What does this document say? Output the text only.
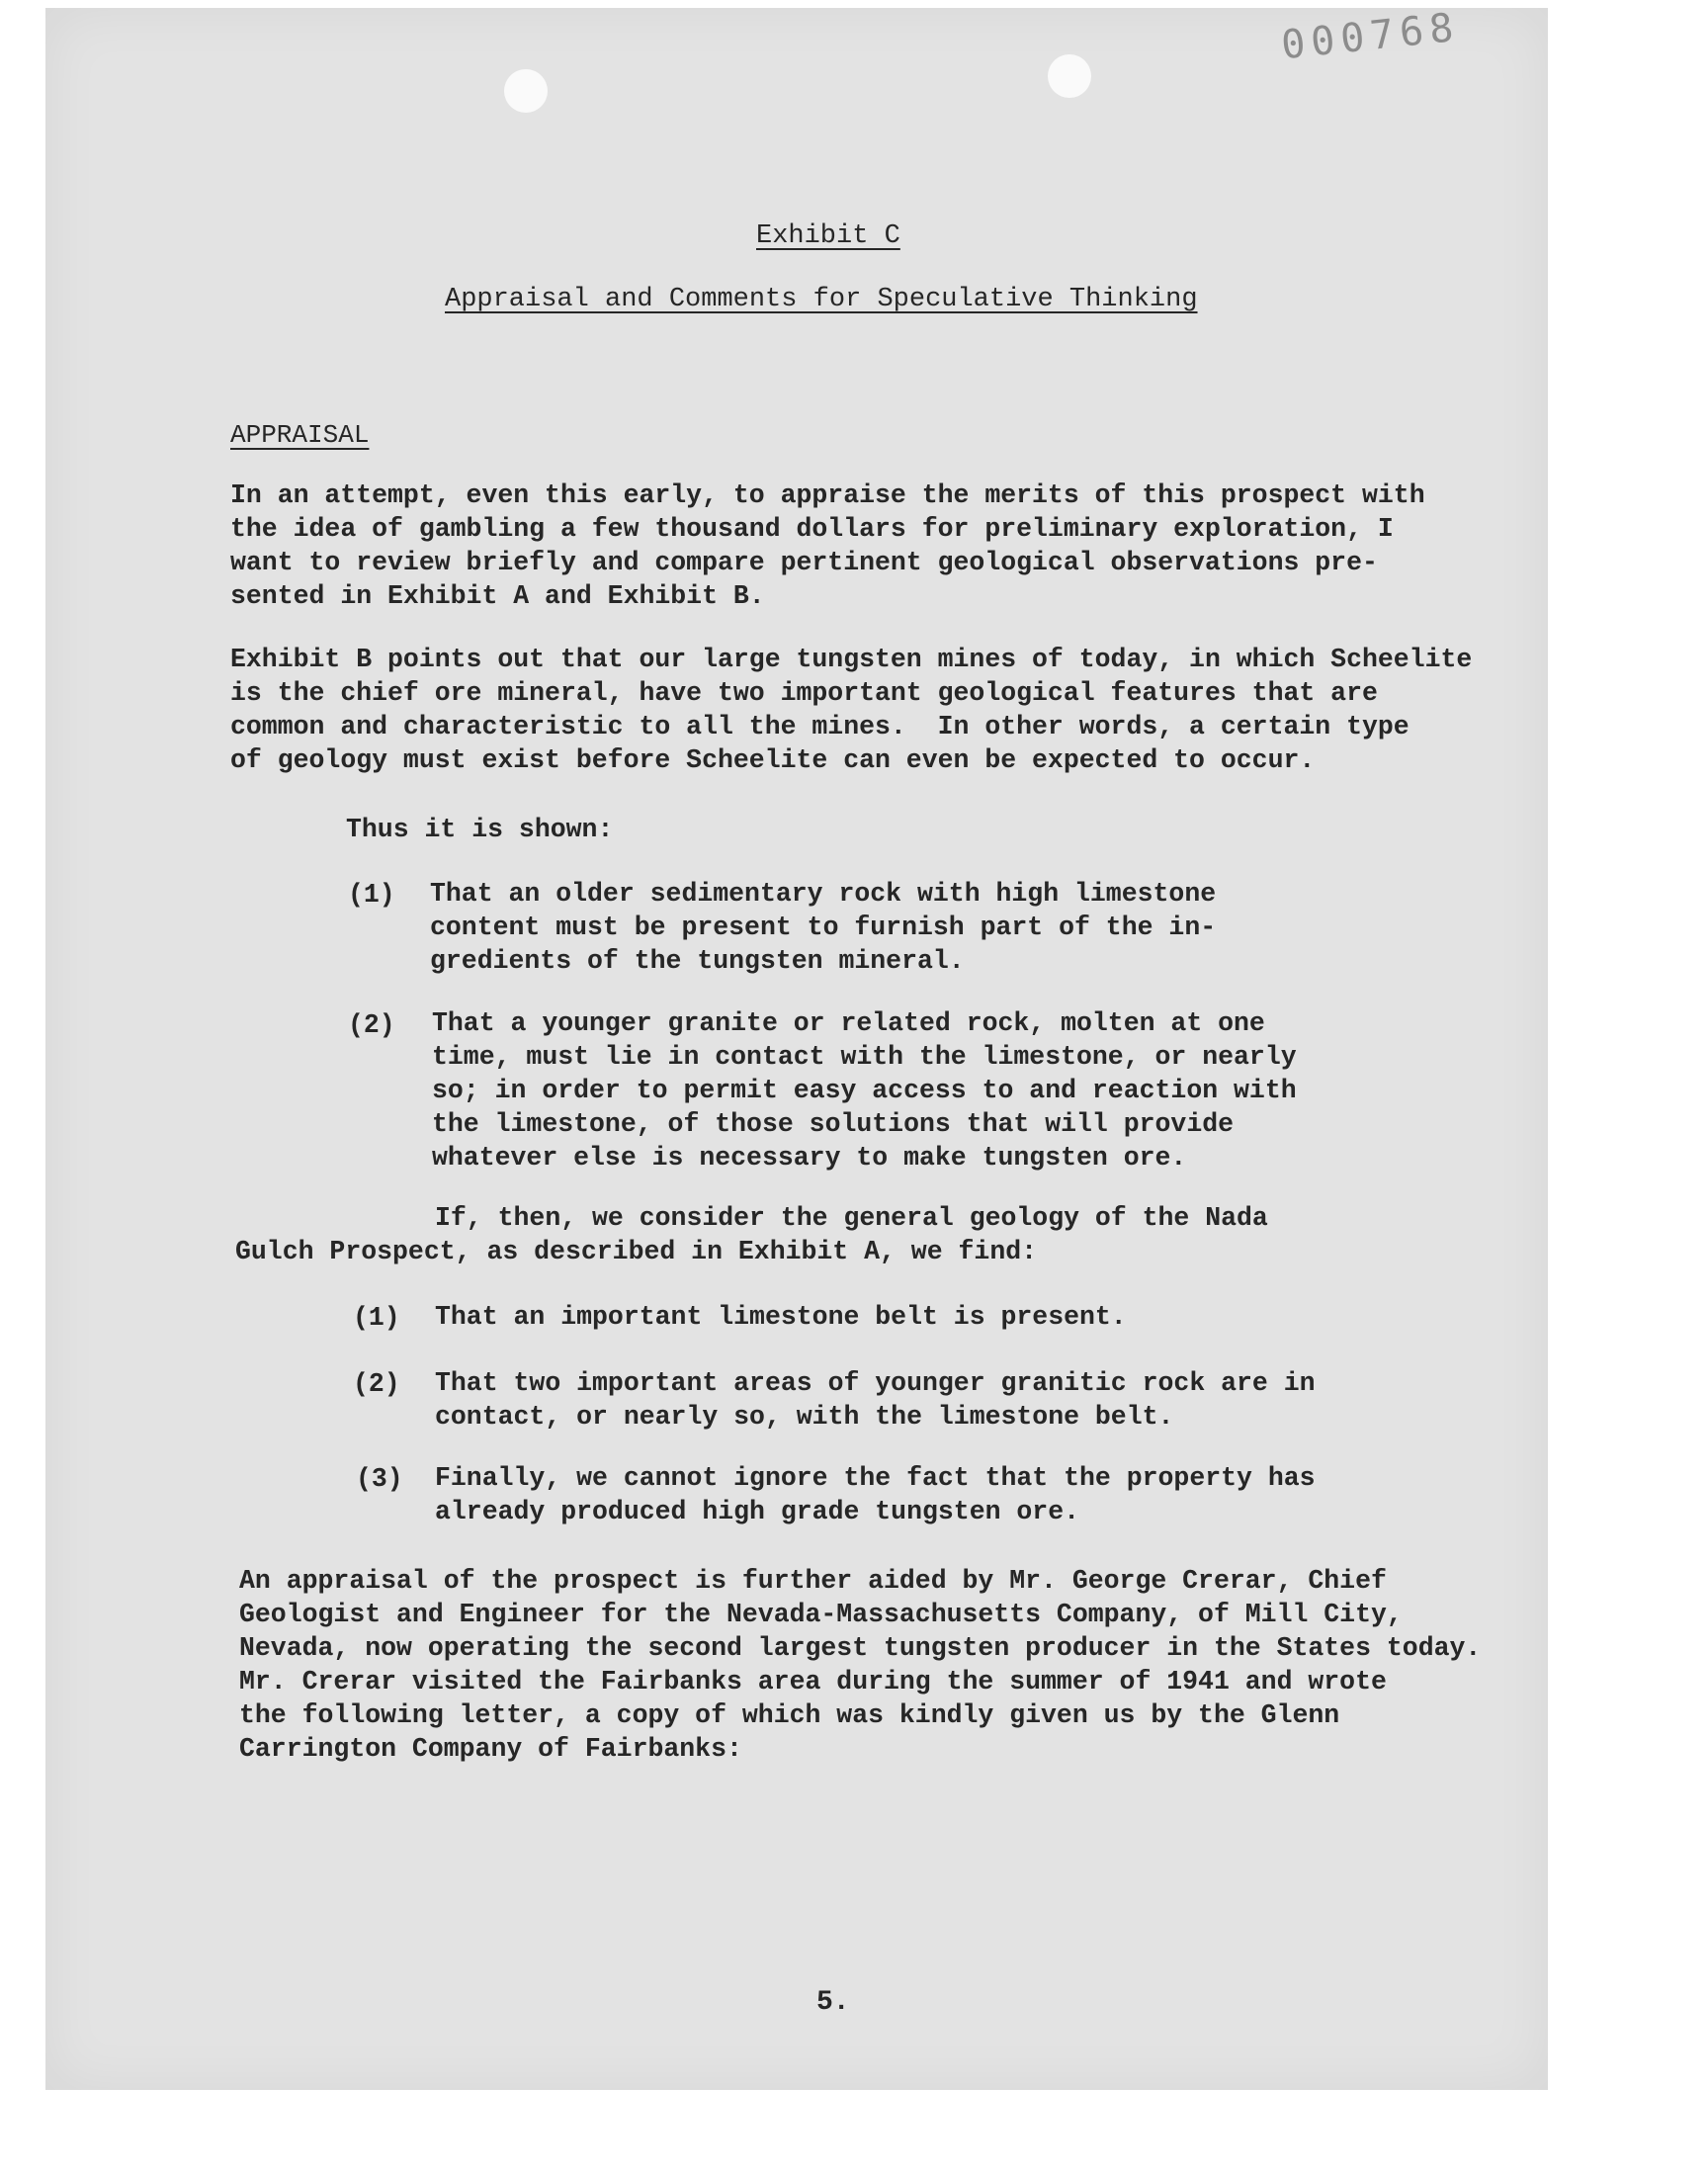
000768
Exhibit C
Appraisal and Comments for Speculative Thinking
APPRAISAL
In an attempt, even this early, to appraise the merits of this prospect with
the idea of gambling a few thousand dollars for preliminary exploration, I
want to review briefly and compare pertinent geological observations pre-
sented in Exhibit A and Exhibit B.
Exhibit B points out that our large tungsten mines of today, in which Scheelite
is the chief ore mineral, have two important geological features that are
common and characteristic to all the mines.  In other words, a certain type
of geology must exist before Scheelite can even be expected to occur.
Thus it is shown:
(1) That an older sedimentary rock with high limestone
content must be present to furnish part of the in-
gredients of the tungsten mineral.
(2) That a younger granite or related rock, molten at one
time, must lie in contact with the limestone, or nearly
so; in order to permit easy access to and reaction with
the limestone, of those solutions that will provide
whatever else is necessary to make tungsten ore.
If, then, we consider the general geology of the Nada
Gulch Prospect, as described in Exhibit A, we find:
(1) That an important limestone belt is present.
(2) That two important areas of younger granitic rock are in
contact, or nearly so, with the limestone belt.
(3) Finally, we cannot ignore the fact that the property has
already produced high grade tungsten ore.
An appraisal of the prospect is further aided by Mr. George Crerar, Chief
Geologist and Engineer for the Nevada-Massachusetts Company, of Mill City,
Nevada, now operating the second largest tungsten producer in the States today.
Mr. Crerar visited the Fairbanks area during the summer of 1941 and wrote
the following letter, a copy of which was kindly given us by the Glenn
Carrington Company of Fairbanks:
5.
